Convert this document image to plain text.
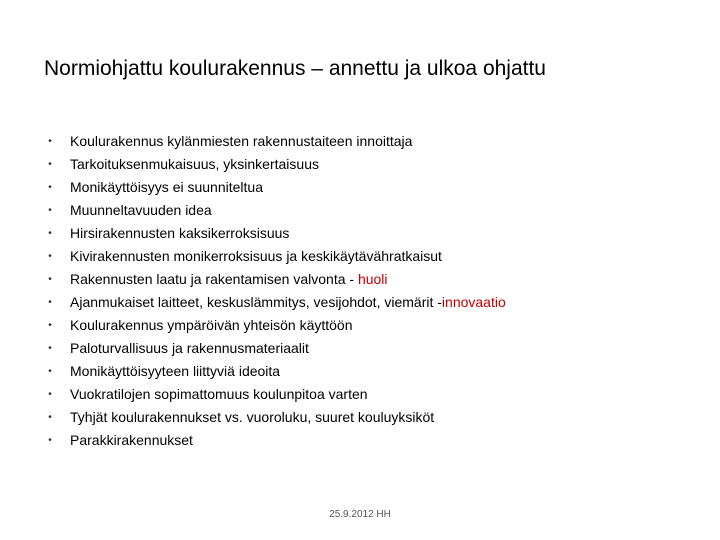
Normiohjattu koulurakennus – annettu ja ulkoa ohjattu
•	Koulurakennus kylänmiesten rakennustaiteen innoittaja
•	Tarkoituksenmukaisuus, yksinkertaisuus
•	Monikäyttöisyys ei suunniteltua
•	Muunneltavuuden idea
•	Hirsirakennusten kaksikerroksisuus
•	Kivirakennusten monikerroksisuus ja keskikäytävähratkaisut
•	Rakennusten laatu ja rakentamisen valvonta - huoli
•	Ajanmukaiset laitteet, keskuslämmitys, vesijohdot, viemärit -innovaatio
•	Koulurakennus ympäröivän yhteisön käyttöön
•	Paloturvallisuus ja rakennusmateriaalit
•	Monikäyttöisyyteen liittyviä ideoita
•	Vuokratilojen sopimattomuus koulunpitoa varten
•	Tyhjät koulurakennukset vs. vuoroluku, suuret kouluyksiköt
•	Parakkirakennukset
25.9.2012 HH
